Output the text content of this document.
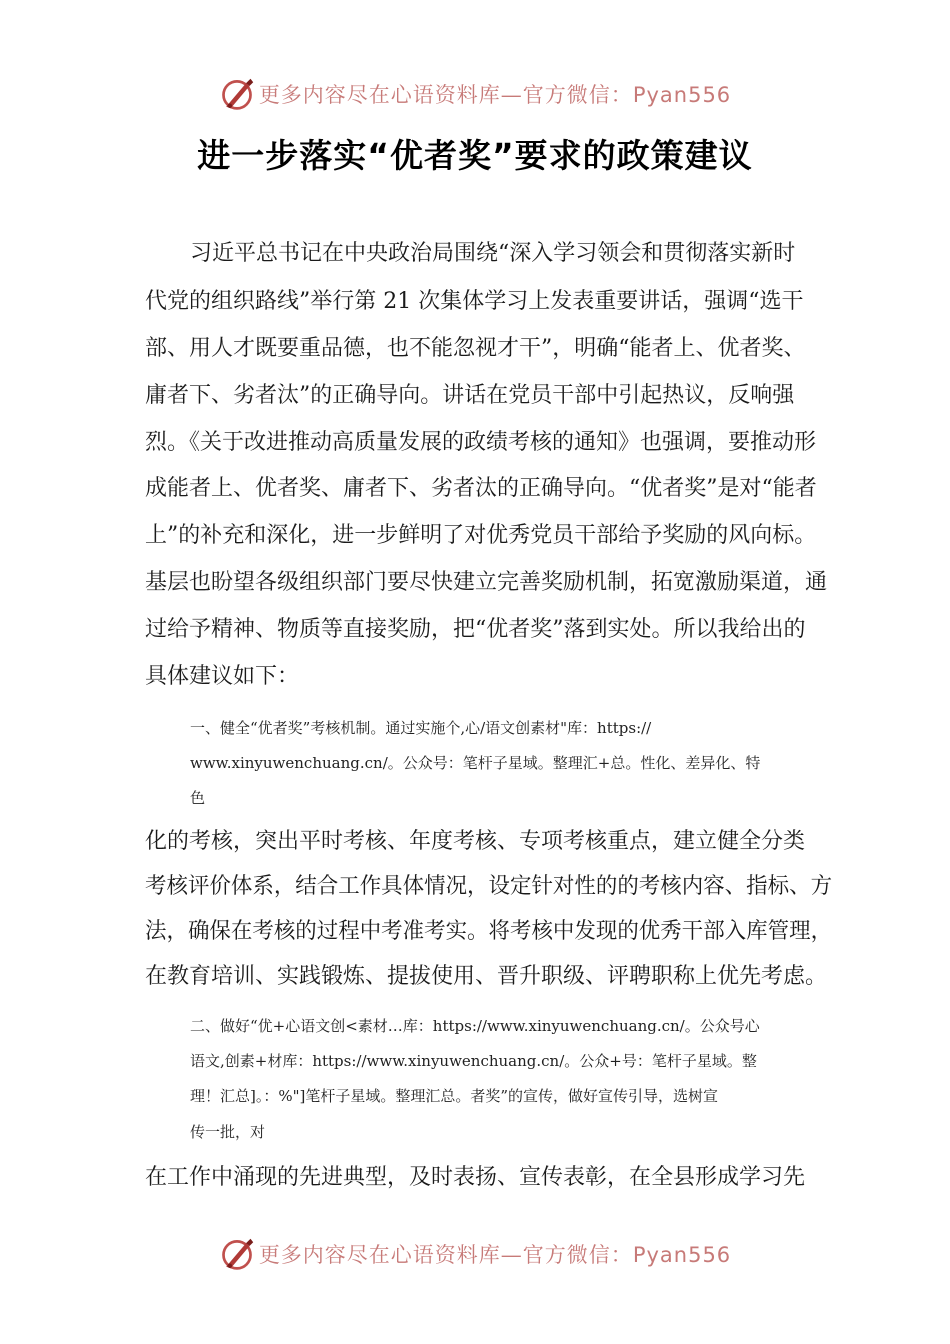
更多内容尽在心语资料库—官方微信：Pyan556
进一步落实“优者奖”要求的政策建议
习近平总书记在中央政治局围绕“深入学习领会和贯彻落实新时
代党的组织路线”举行第 21 次集体学习上发表重要讲话，强调“选干
部、用人才既要重品德，也不能忽视才干”，明确“能者上、优者奖、
庸者下、劣者汰”的正确导向。讲话在党员干部中引起热议，反响强
烈。《关于改进推动高质量发展的政绩考核的通知》也强调，要推动形
成能者上、优者奖、庸者下、劣者汰的正确导向。“优者奖”是对“能者
上”的补充和深化，进一步鲜明了对优秀党员干部给予奖励的风向标。
基层也盼望各级组织部门要尽快建立完善奖励机制，拓宽激励渠道，通
过给予精神、物质等直接奖励，把“优者奖”落到实处。所以我给出的
具体建议如下：
一、健全“优者奖”考核机制。通过实施个,心/语文创素材"库：https://
www.xinyuwenchuang.cn/。公众号：笔杆子星域。整理汇+总。性化、差异化、特
色
化的考核，突出平时考核、年度考核、专项考核重点，建立健全分类
考核评价体系，结合工作具体情况，设定针对性的的考核内容、指标、方
法，确保在考核的过程中考准考实。将考核中发现的优秀干部入库管理，
在教育培训、实践锻炼、提拔使用、晋升职级、评聘职称上优先考虑。
二、做好“优+心语文创<素材…库：https://www.xinyuwenchuang.cn/。公众号心
语文,创素+材库：https://www.xinyuwenchuang.cn/。公众+号：笔杆子星域。整
理！汇总]。：%"]笔杆子星域。整理汇总。者奖”的宣传，做好宣传引导，选树宣
传一批，对
在工作中涌现的先进典型，及时表扬、宣传表彰，在全县形成学习先
更多内容尽在心语资料库—官方微信：Pyan556
